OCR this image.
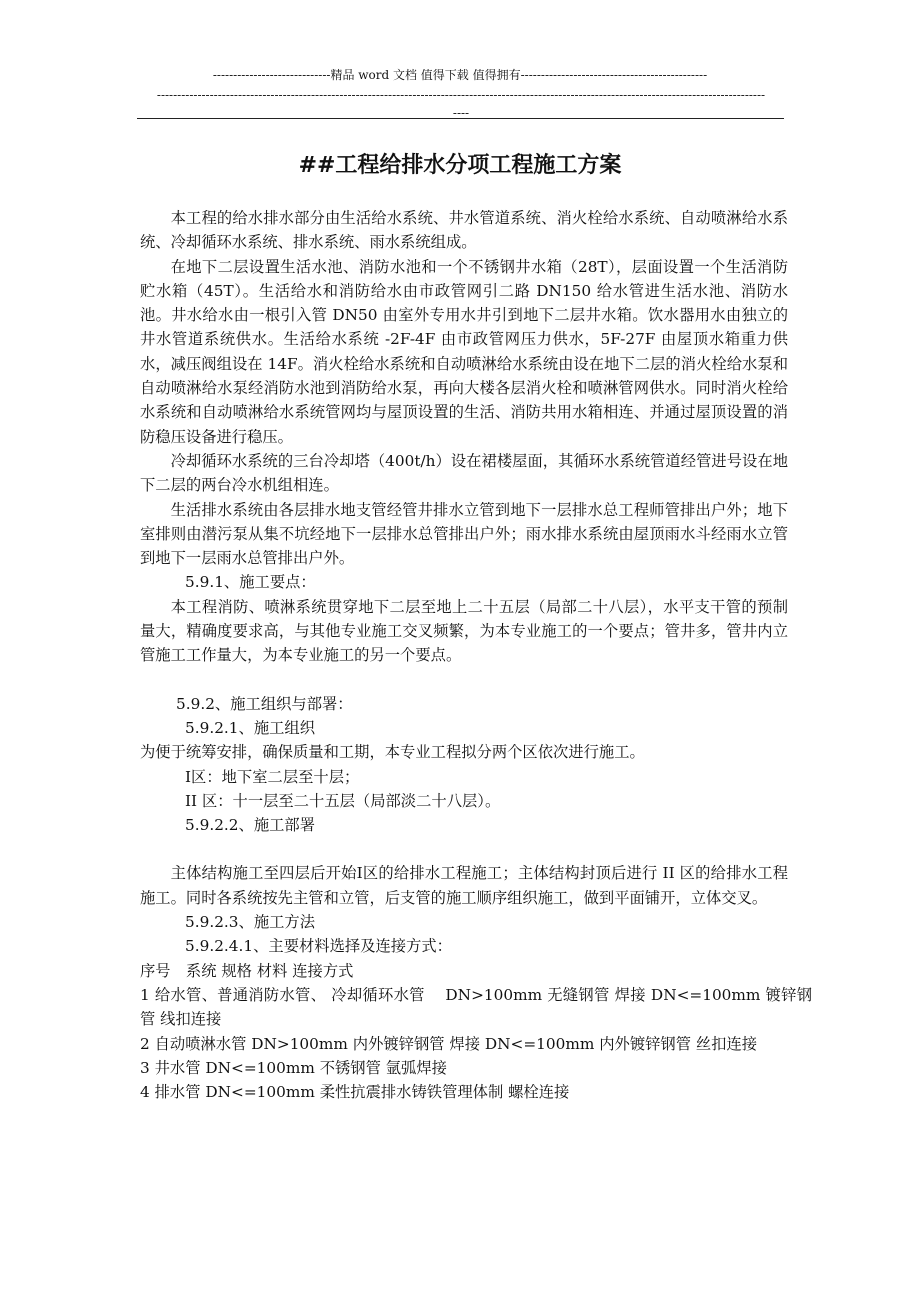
-----------------------------精品 word 文档 值得下载 值得拥有----------------------------------------------
------------------------------------------------------------------------------------------------------------------------------------------------------
----
##工程给排水分项工程施工方案

本工程的给水排水部分由生活给水系统、井水管道系统、消火栓给水系统、自动喷淋给水系统、冷却循环水系统、排水系统、雨水系统组成。

在地下二层设置生活水池、消防水池和一个不锈钢井水箱（28T），层面设置一个生活消防贮水箱（45T）。生活给水和消防给水由市政管网引二路 DN150 给水管进生活水池、消防水池。井水给水由一根引入管 DN50 由室外专用水井引到地下二层井水箱。饮水器用水由独立的井水管道系统供水。生活给水系统 -2F-4F 由市政管网压力供水，5F-27F 由屋顶水箱重力供水，减压阀组设在 14F。消火栓给水系统和自动喷淋给水系统由设在地下二层的消火栓给水泵和自动喷淋给水泵经消防水池到消防给水泵，再向大楼各层消火栓和喷淋管网供水。同时消火栓给水系统和自动喷淋给水系统管网均与屋顶设置的生活、消防共用水箱相连、并通过屋顶设置的消防稳压设备进行稳压。

冷却循环水系统的三台冷却塔（400t/h）设在裙楼屋面，其循环水系统管道经管进号设在地下二层的两台冷水机组相连。

生活排水系统由各层排水地支管经管井排水立管到地下一层排水总工程师管排出户外；地下室排则由潜污泵从集不坑经地下一层排水总管排出户外；雨水排水系统由屋顶雨水斗经雨水立管到地下一层雨水总管排出户外。

5.9.1、施工要点：

本工程消防、喷淋系统贯穿地下二层至地上二十五层（局部二十八层），水平支干管的预制量大，精确度要求高，与其他专业施工交叉频繁，为本专业施工的一个要点；管井多，管井内立管施工工作量大，为本专业施工的另一个要点。

5.9.2、施工组织与部署：

5.9.2.1、施工组织

为便于统筹安排，确保质量和工期，本专业工程拟分两个区依次进行施工。

Ⅰ区：地下室二层至十层；

II 区：十一层至二十五层（局部淡二十八层）。

5.9.2.2、施工部署

主体结构施工至四层后开始Ⅰ区的给排水工程施工；主体结构封顶后进行 II 区的给排水工程施工。同时各系统按先主管和立管，后支管的施工顺序组织施工，做到平面铺开，立体交叉。

5.9.2.3、施工方法

5.9.2.4.1、主要材料选择及连接方式：

序号　系统 规格 材料 连接方式

1 给水管、普通消防水管、 冷却循环水管　 DN>100mm 无缝钢管 焊接 DN<=100mm 镀锌钢管 线扣连接

2 自动喷淋水管 DN>100mm 内外镀锌钢管 焊接 DN<=100mm 内外镀锌钢管 丝扣连接

3 井水管 DN<=100mm 不锈钢管 氩弧焊接

4 排水管 DN<=100mm 柔性抗震排水铸铁管理体制 螺栓连接
